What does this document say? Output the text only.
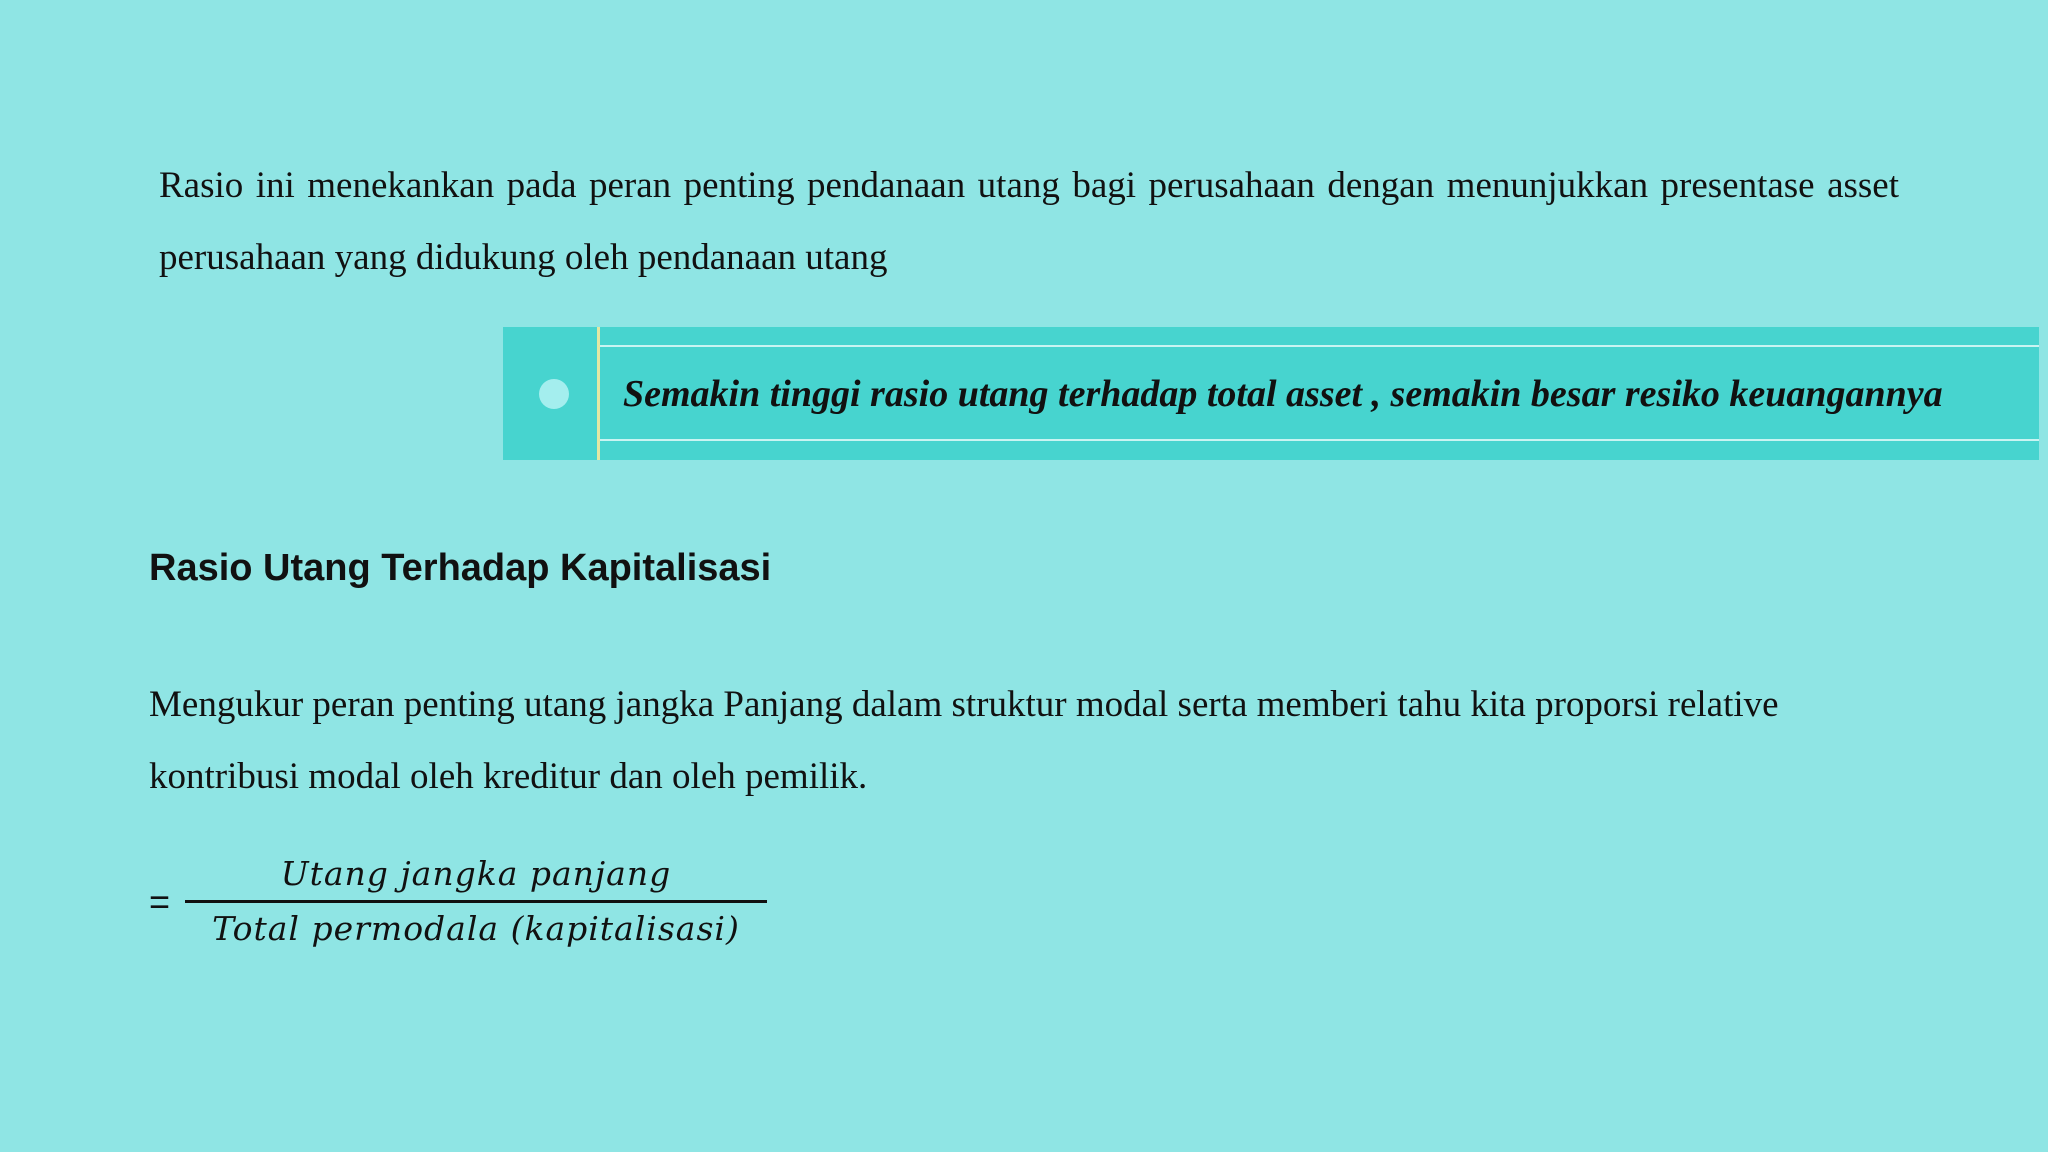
Rasio ini menekankan pada peran penting pendanaan utang bagi perusahaan dengan menunjukkan presentase asset perusahaan yang didukung oleh pendanaan utang

Semakin tinggi rasio utang terhadap total asset , semakin besar resiko keuangannya

Rasio Utang Terhadap Kapitalisasi

Mengukur peran penting utang jangka Panjang dalam struktur modal serta memberi tahu kita proporsi relative kontribusi modal oleh kreditur dan oleh pemilik.

=
Utang jangka panjang
Total permodala (kapitalisasi)
